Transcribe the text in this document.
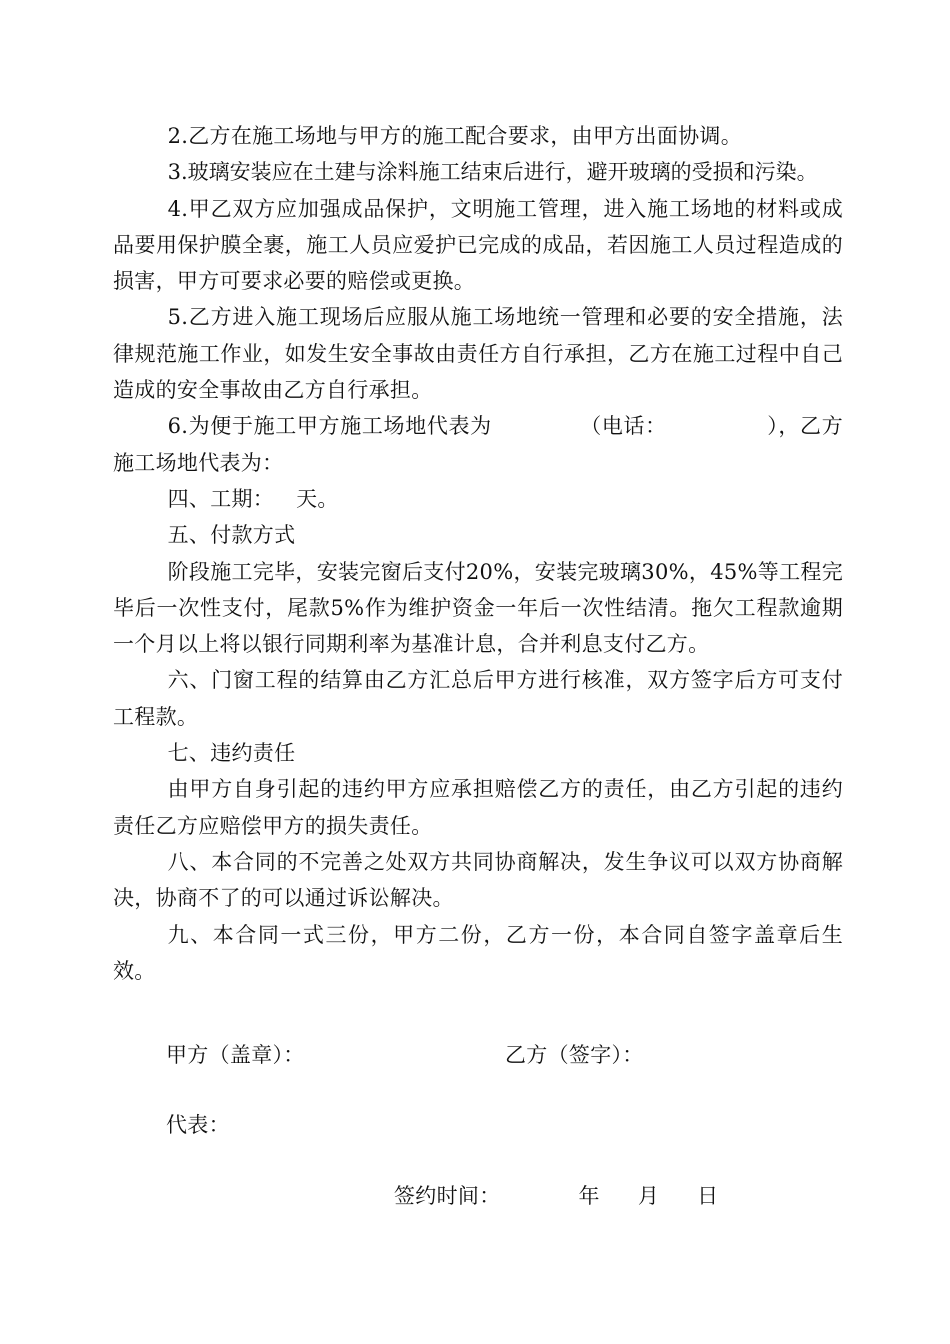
2.乙方在施工场地与甲方的施工配合要求，由甲方出面协调。

3.玻璃安装应在土建与涂料施工结束后进行，避开玻璃的受损和污染。

4.甲乙双方应加强成品保护，文明施工管理，进入施工场地的材料或成品要用保护膜全裹，施工人员应爱护已完成的成品，若因施工人员过程造成的损害，甲方可要求必要的赔偿或更换。

5.乙方进入施工现场后应服从施工场地统一管理和必要的安全措施，法律规范施工作业，如发生安全事故由责任方自行承担，乙方在施工过程中自己造成的安全事故由乙方自行承担。

6.为便于施工甲方施工场地代表为	（电话：	），乙方施工场地代表为：

四、工期： 天。

五、付款方式

阶段施工完毕，安装完窗后支付20%，安装完玻璃30%，45%等工程完毕后一次性支付，尾款5%作为维护资金一年后一次性结清。拖欠工程款逾期一个月以上将以银行同期利率为基准计息，合并利息支付乙方。

六、门窗工程的结算由乙方汇总后甲方进行核准，双方签字后方可支付工程款。

七、违约责任

由甲方自身引起的违约甲方应承担赔偿乙方的责任，由乙方引起的违约责任乙方应赔偿甲方的损失责任。

八、本合同的不完善之处双方共同协商解决，发生争议可以双方协商解决，协商不了的可以通过诉讼解决。

九、本合同一式三份，甲方二份，乙方一份，本合同自签字盖章后生效。

甲方（盖章）：	乙方（签字）：
代表：
签约时间：	年 月 日
